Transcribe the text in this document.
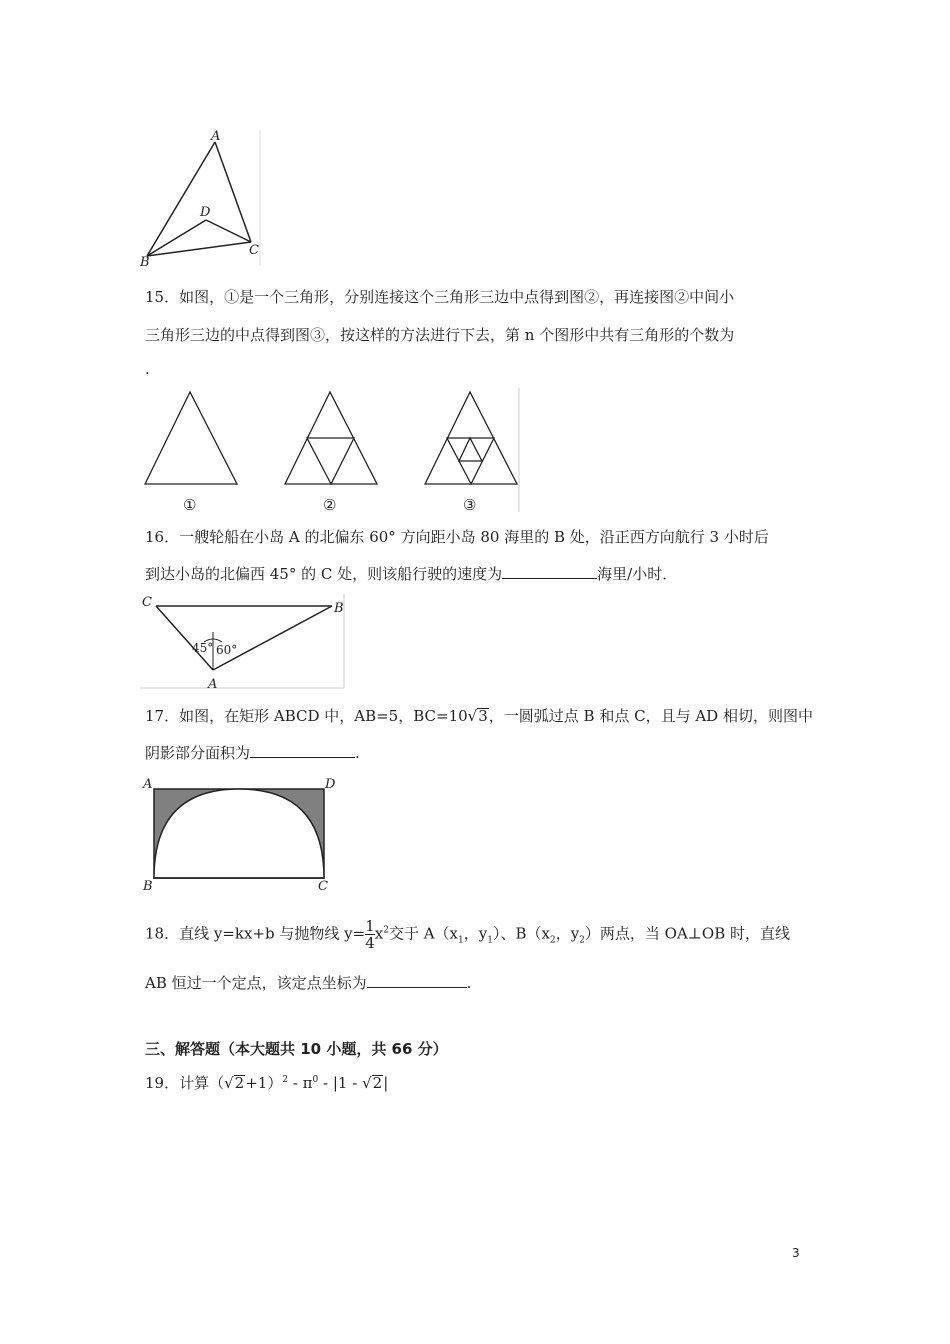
A
D
B
C
15．如图，①是一个三角形，分别连接这个三角形三边中点得到图②，再连接图②中间小
三角形三边的中点得到图③，按这样的方法进行下去，第 n 个图形中共有三角形的个数为
.
①	②	③
16．一艘轮船在小岛 A 的北偏东 60° 方向距小岛 80 海里的 B 处，沿正西方向航行 3 小时后
到达小岛的北偏西 45° 的 C 处，则该船行驶的速度为	海里/小时．
C	B
A
45° 60°
17．如图，在矩形 ABCD 中，AB=5，BC=10√3，一圆弧过点 B 和点 C，且与 AD 相切，则图中
阴影部分面积为	.
A	D
B	C
18．直线 y=kx+b 与抛物线 $y= \frac{1}{4} x^2$交于 $A(x_1$，$y_1$）、$B(x_2$，$y_2$）两点，当 OA⊥OB 时，直线
AB 恒过一个定点，该定点坐标为	.
三、解答题（本大题共 10 小题，共 66 分）
19．计算$(√2+1)^2 - \pi^0 - |1 - √2|$
3
